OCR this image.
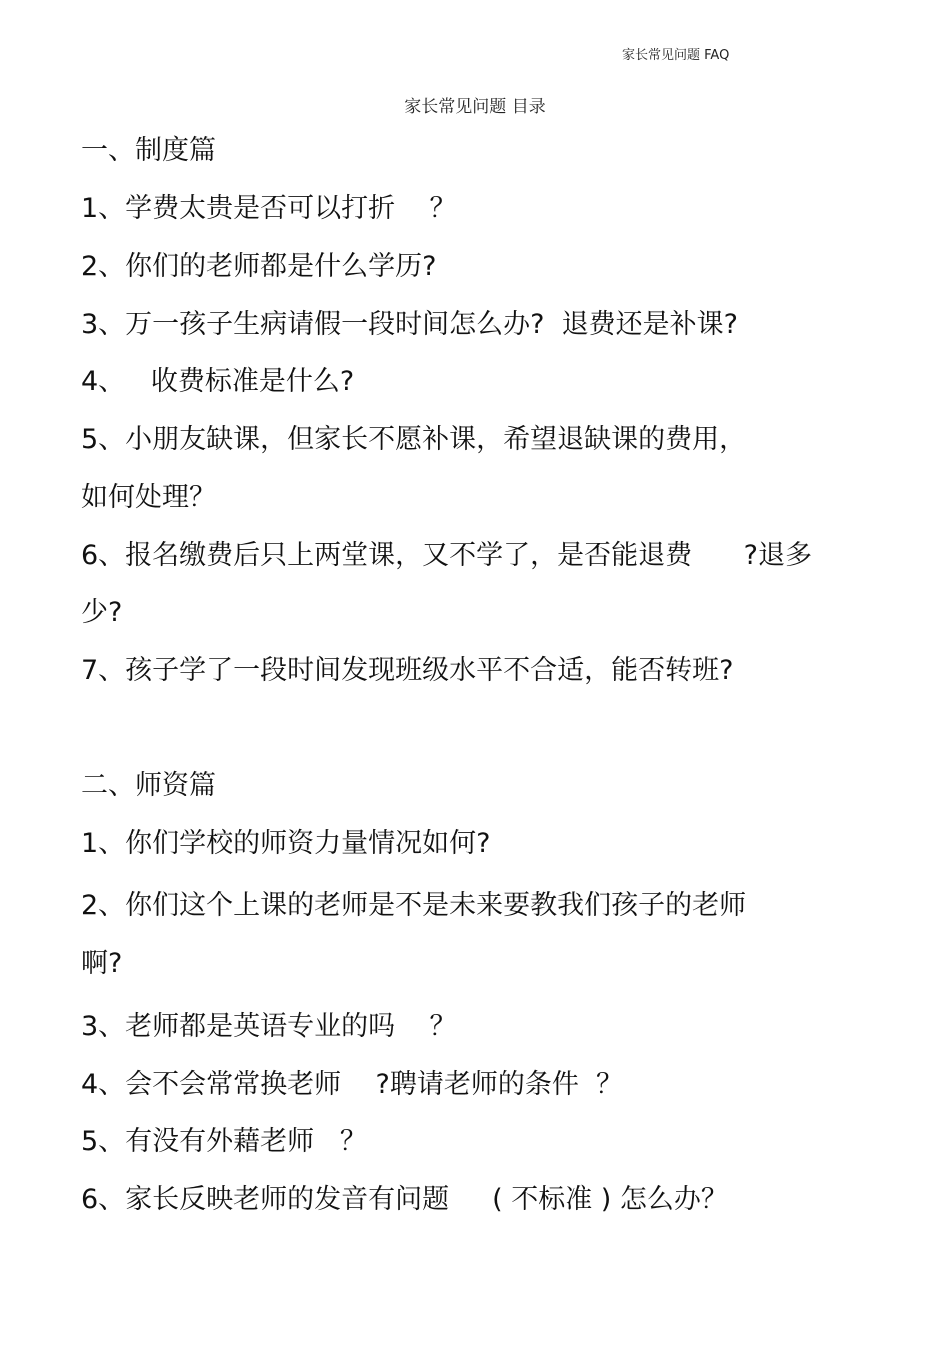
家长常见问题 FAQ
家长常见问题 目录
一、制度篇
1、学费太贵是否可以打折    ？
2、你们的老师都是什么学历?
3、万一孩子生病请假一段时间怎么办?  退费还是补课?
4、   收费标准是什么?
5、小朋友缺课，但家长不愿补课，希望退缺课的费用，
如何处理？
6、报名缴费后只上两堂课，又不学了，是否能退费      ?退多
少?
7、孩子学了一段时间发现班级水平不合适，能否转班?
二、师资篇
1、你们学校的师资力量情况如何?
2、你们这个上课的老师是不是未来要教我们孩子的老师
啊?
3、老师都是英语专业的吗    ？
4、会不会常常换老师    ?聘请老师的条件  ？
5、有没有外藉老师   ？
6、家长反映老师的发音有问题     ( 不标准 ) 怎么办？
